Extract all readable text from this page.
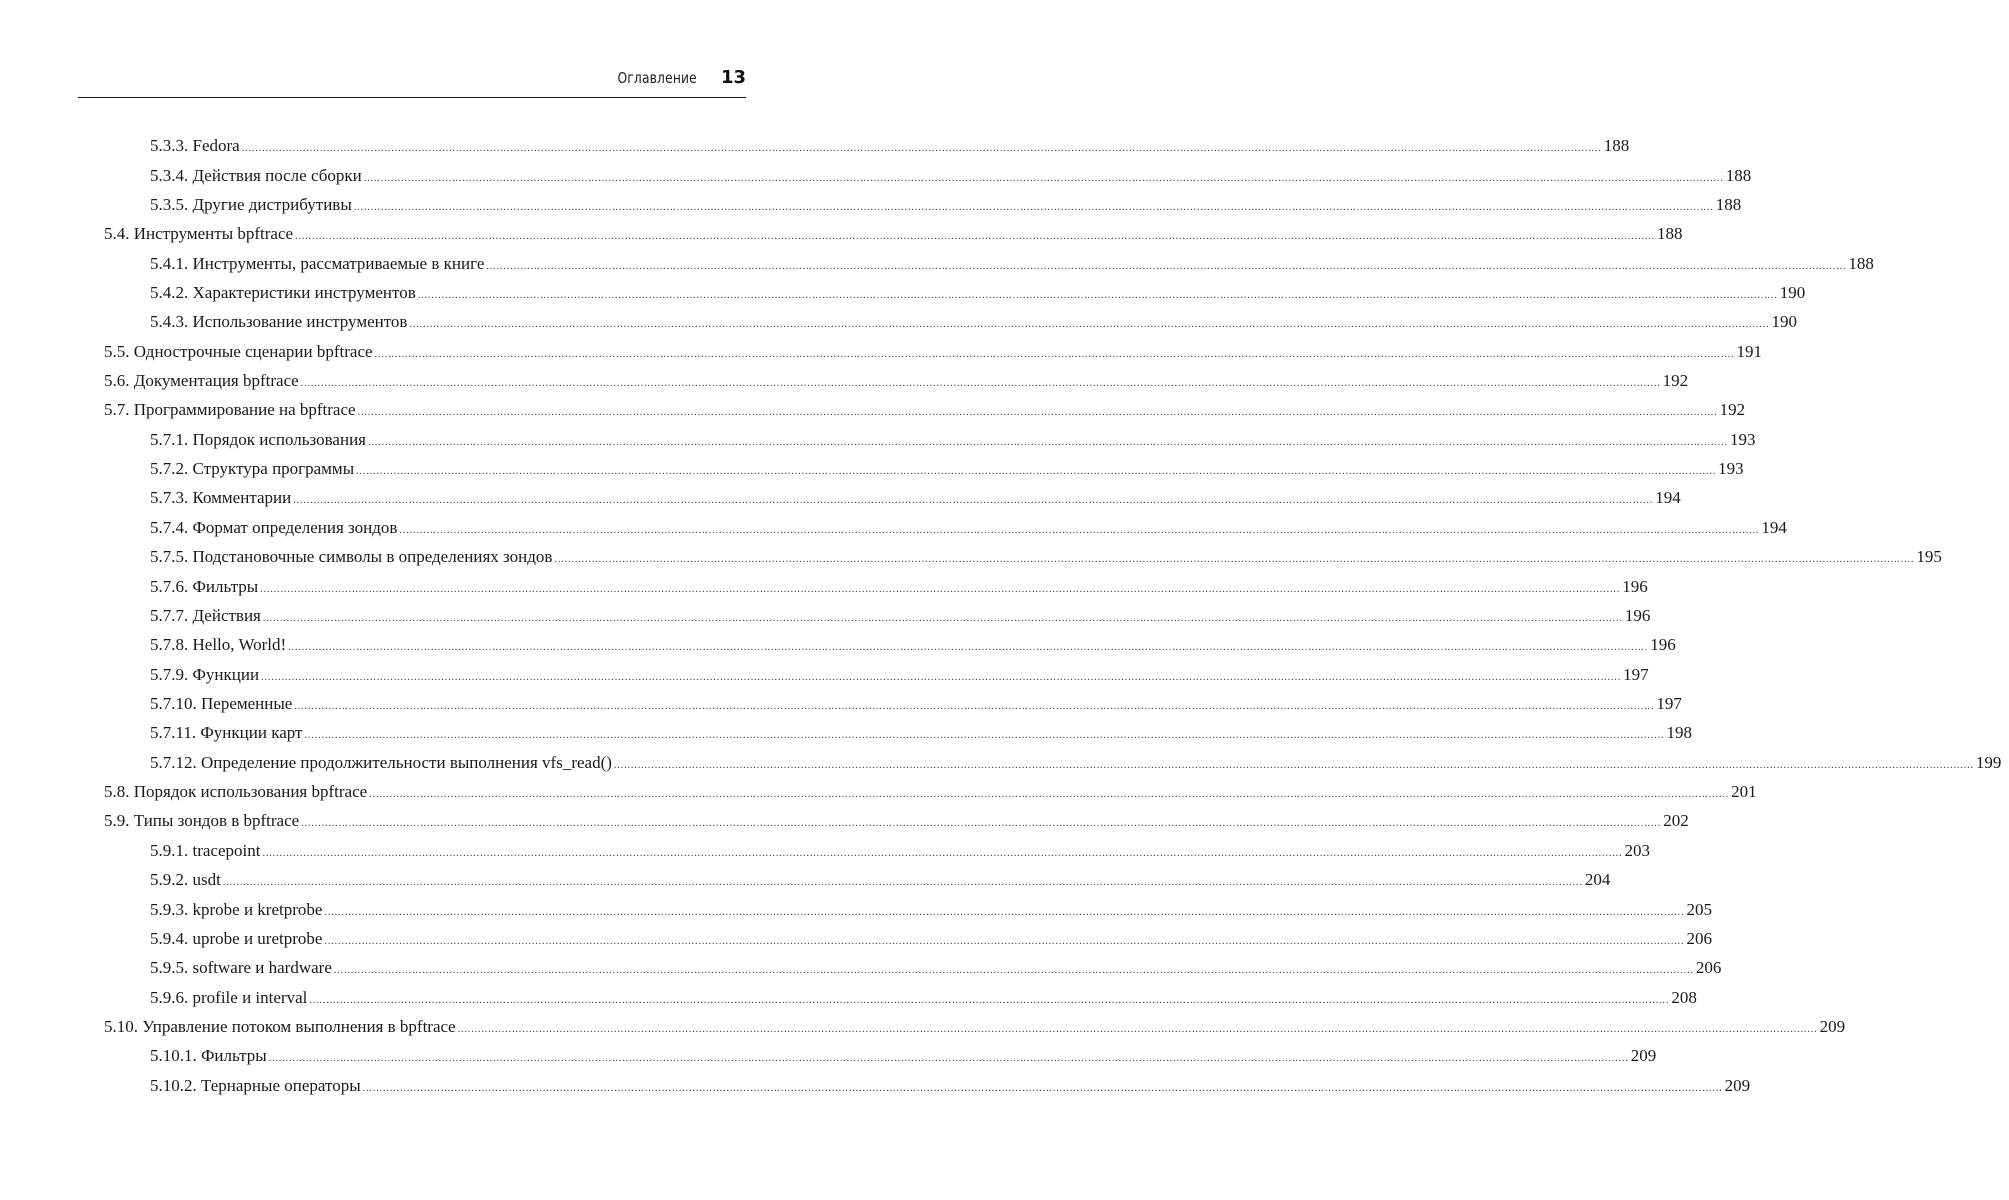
Оглавление 13
5.3.3. Fedora ................................................................................................................................................................................................................................................................................................................................................................................................................ 188
5.3.4. Действия после сборки ................................................................................................................................................................................................................................................................................................................................................................................................................ 188
5.3.5. Другие дистрибутивы ................................................................................................................................................................................................................................................................................................................................................................................................................ 188
5.4. Инструменты bpftrace ................................................................................................................................................................................................................................................................................................................................................................................................................ 188
5.4.1. Инструменты, рассматриваемые в книге ................................................................................................................................................................................................................................................................................................................................................................................................................ 188
5.4.2. Характеристики инструментов ................................................................................................................................................................................................................................................................................................................................................................................................................ 190
5.4.3. Использование инструментов ................................................................................................................................................................................................................................................................................................................................................................................................................ 190
5.5. Однострочные сценарии bpftrace ................................................................................................................................................................................................................................................................................................................................................................................................................ 191
5.6. Документация bpftrace ................................................................................................................................................................................................................................................................................................................................................................................................................ 192
5.7. Программирование на bpftrace ................................................................................................................................................................................................................................................................................................................................................................................................................ 192
5.7.1. Порядок использования ................................................................................................................................................................................................................................................................................................................................................................................................................ 193
5.7.2. Структура программы ................................................................................................................................................................................................................................................................................................................................................................................................................ 193
5.7.3. Комментарии ................................................................................................................................................................................................................................................................................................................................................................................................................ 194
5.7.4. Формат определения зондов ................................................................................................................................................................................................................................................................................................................................................................................................................ 194
5.7.5. Подстановочные символы в определениях зондов ................................................................................................................................................................................................................................................................................................................................................................................................................ 195
5.7.6. Фильтры ................................................................................................................................................................................................................................................................................................................................................................................................................ 196
5.7.7. Действия ................................................................................................................................................................................................................................................................................................................................................................................................................ 196
5.7.8. Hello, World! ................................................................................................................................................................................................................................................................................................................................................................................................................ 196
5.7.9. Функции ................................................................................................................................................................................................................................................................................................................................................................................................................ 197
5.7.10. Переменные ................................................................................................................................................................................................................................................................................................................................................................................................................ 197
5.7.11. Функции карт ................................................................................................................................................................................................................................................................................................................................................................................................................ 198
5.7.12. Определение продолжительности выполнения vfs_read() ................................................................................................................................................................................................................................................................................................................................................................................................................ 199
5.8. Порядок использования bpftrace ................................................................................................................................................................................................................................................................................................................................................................................................................ 201
5.9. Типы зондов в bpftrace ................................................................................................................................................................................................................................................................................................................................................................................................................ 202
5.9.1. tracepoint ................................................................................................................................................................................................................................................................................................................................................................................................................ 203
5.9.2. usdt ................................................................................................................................................................................................................................................................................................................................................................................................................ 204
5.9.3. kprobe и kretprobe ................................................................................................................................................................................................................................................................................................................................................................................................................ 205
5.9.4. uprobe и uretprobe ................................................................................................................................................................................................................................................................................................................................................................................................................ 206
5.9.5. software и hardware ................................................................................................................................................................................................................................................................................................................................................................................................................ 206
5.9.6. profile и interval ................................................................................................................................................................................................................................................................................................................................................................................................................ 208
5.10. Управление потоком выполнения в bpftrace ................................................................................................................................................................................................................................................................................................................................................................................................................ 209
5.10.1. Фильтры ................................................................................................................................................................................................................................................................................................................................................................................................................ 209
5.10.2. Тернарные операторы ................................................................................................................................................................................................................................................................................................................................................................................................................ 209
